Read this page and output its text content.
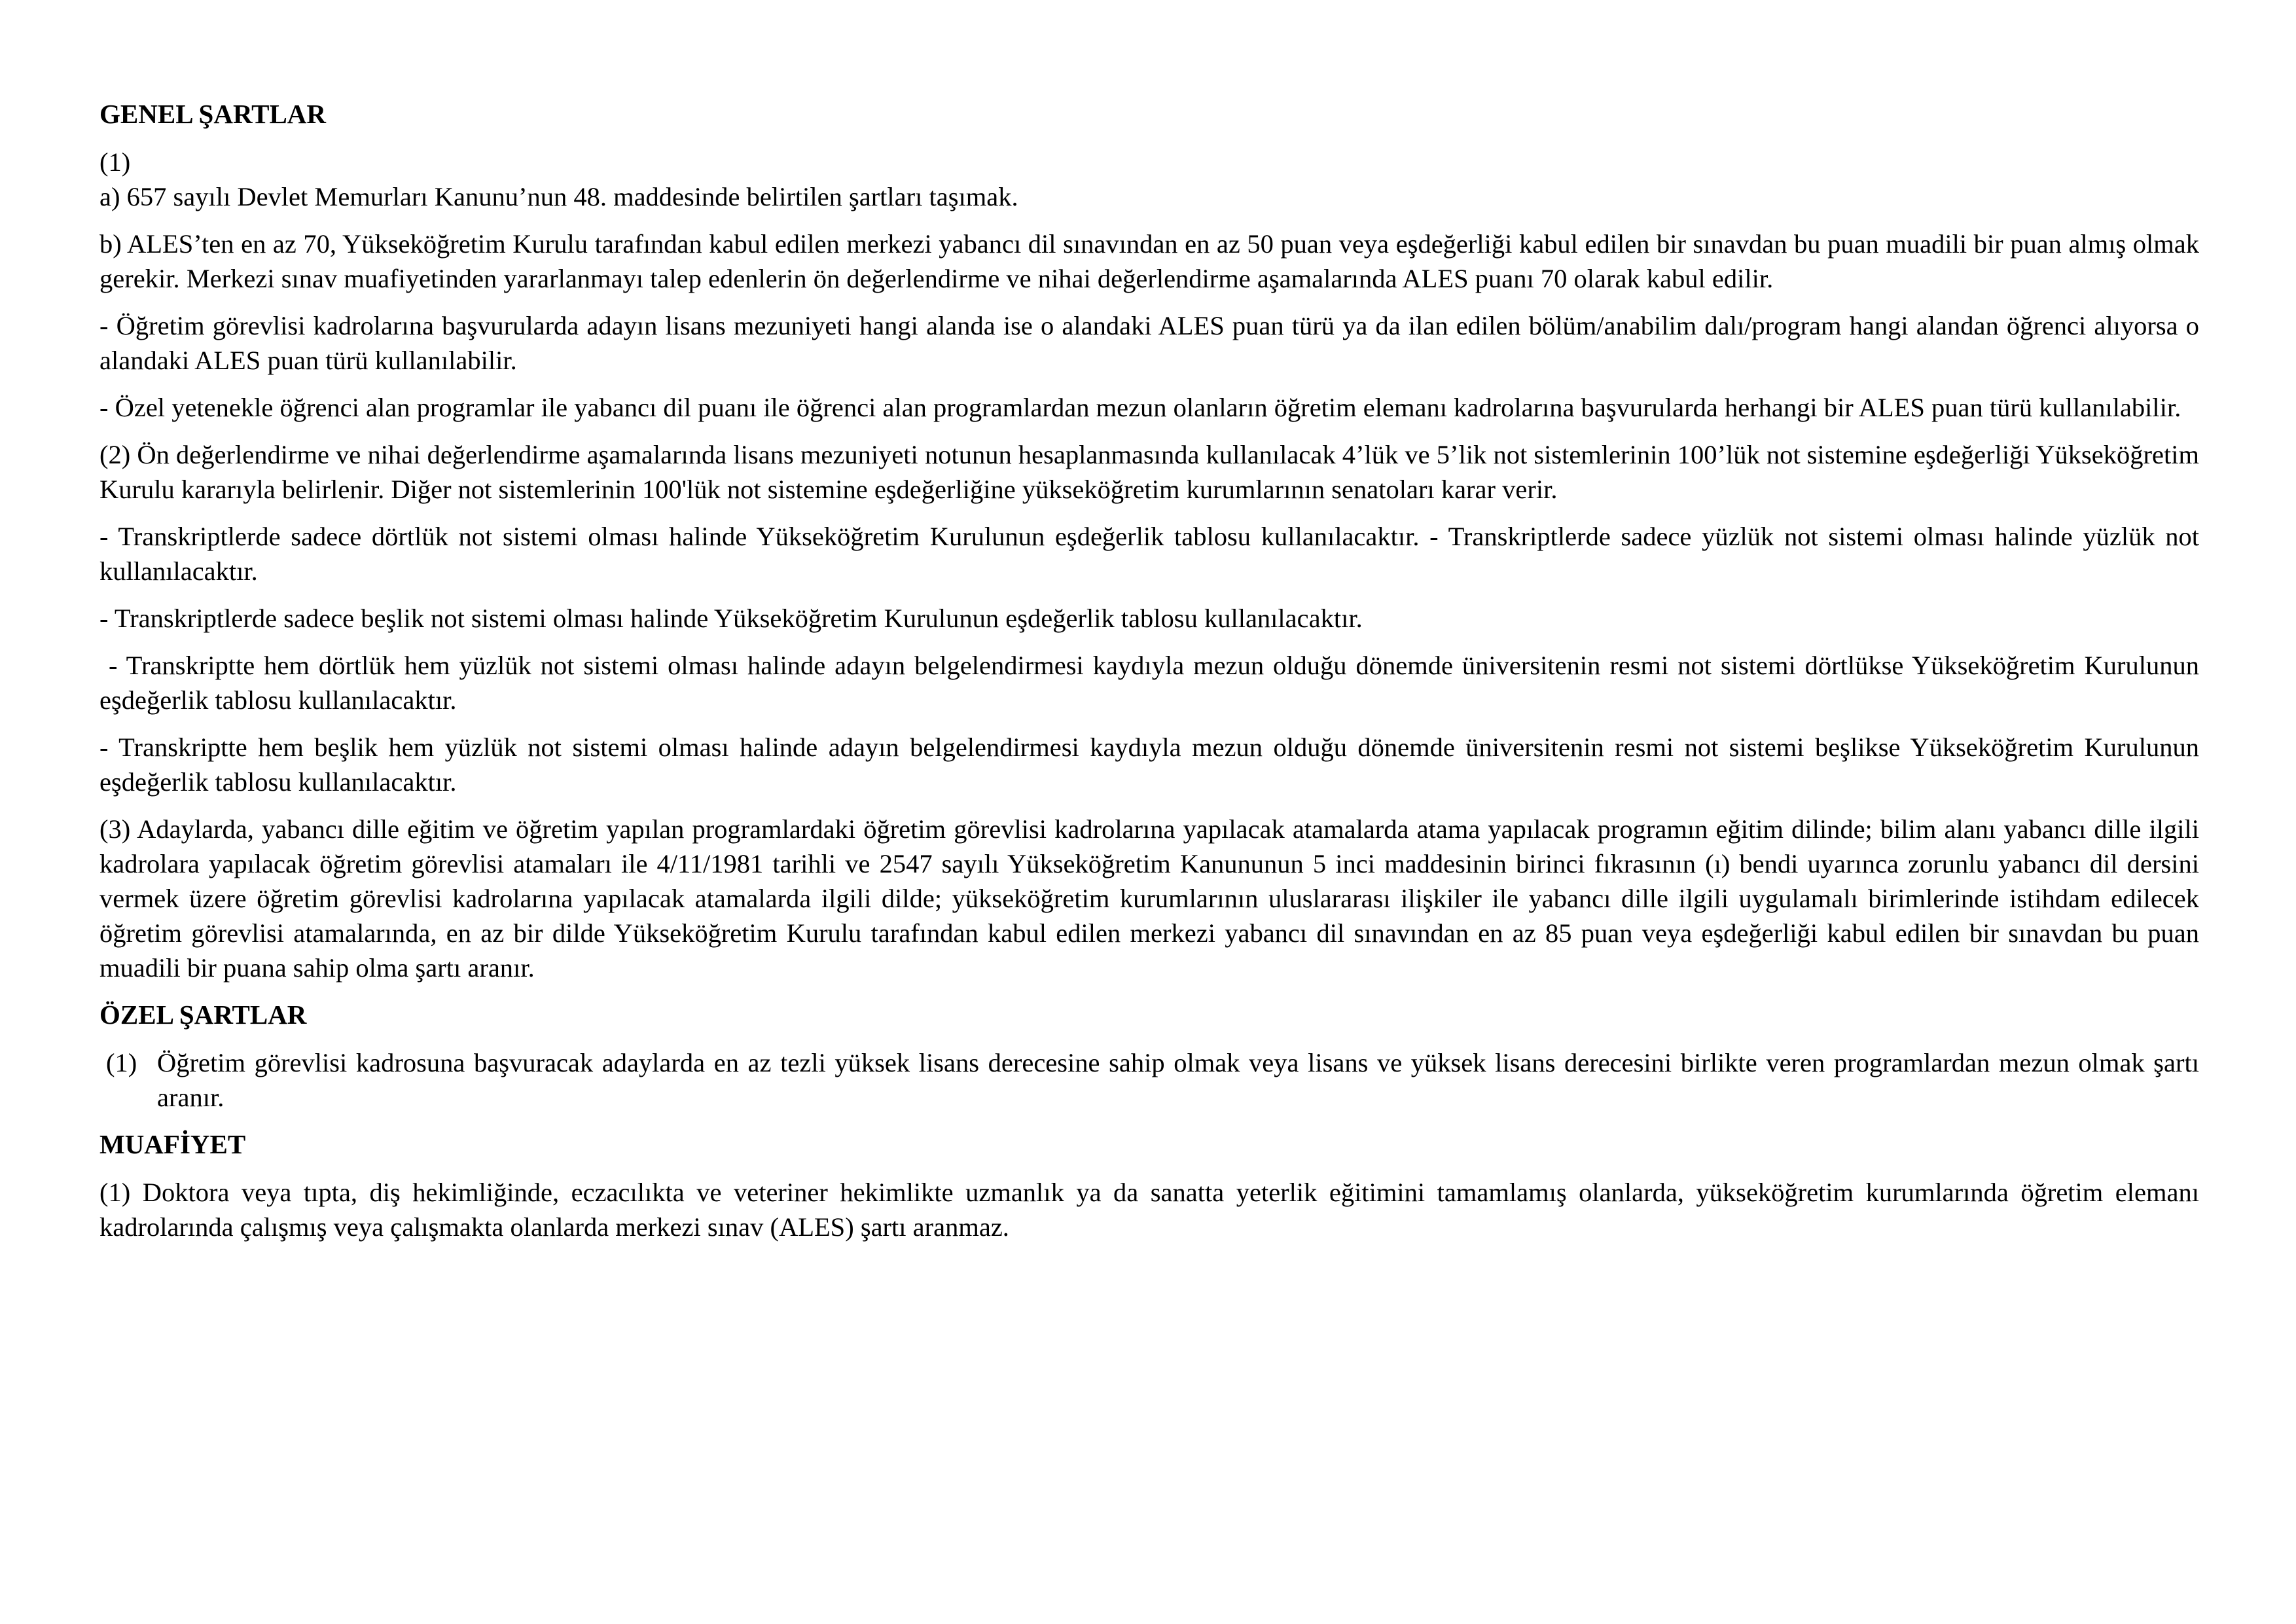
GENEL ŞARTLAR
(1)
a) 657 sayılı Devlet Memurları Kanunu’nun 48. maddesinde belirtilen şartları taşımak.
b) ALES’ten en az 70, Yükseköğretim Kurulu tarafından kabul edilen merkezi yabancı dil sınavından en az 50 puan veya eşdeğerliği kabul edilen bir sınavdan bu puan muadili bir puan almış olmak gerekir. Merkezi sınav muafiyetinden yararlanmayı talep edenlerin ön değerlendirme ve nihai değerlendirme aşamalarında ALES puanı 70 olarak kabul edilir.
- Öğretim görevlisi kadrolarına başvurularda adayın lisans mezuniyeti hangi alanda ise o alandaki ALES puan türü ya da ilan edilen bölüm/anabilim dalı/program hangi alandan öğrenci alıyorsa o alandaki ALES puan türü kullanılabilir.
- Özel yetenekle öğrenci alan programlar ile yabancı dil puanı ile öğrenci alan programlardan mezun olanların öğretim elemanı kadrolarına başvurularda herhangi bir ALES puan türü kullanılabilir.
(2) Ön değerlendirme ve nihai değerlendirme aşamalarında lisans mezuniyeti notunun hesaplanmasında kullanılacak 4’lük ve 5’lik not sistemlerinin 100’lük not sistemine eşdeğerliği Yükseköğretim Kurulu kararıyla belirlenir. Diğer not sistemlerinin 100'lük not sistemine eşdeğerliğine yükseköğretim kurumlarının senatoları karar verir.
- Transkriptlerde sadece dörtlük not sistemi olması halinde Yükseköğretim Kurulunun eşdeğerlik tablosu kullanılacaktır. - Transkriptlerde sadece yüzlük not sistemi olması halinde yüzlük not kullanılacaktır.
- Transkriptlerde sadece beşlik not sistemi olması halinde Yükseköğretim Kurulunun eşdeğerlik tablosu kullanılacaktır.
- Transkriptte hem dörtlük hem yüzlük not sistemi olması halinde adayın belgelendirmesi kaydıyla mezun olduğu dönemde üniversitenin resmi not sistemi dörtlükse Yükseköğretim Kurulunun eşdeğerlik tablosu kullanılacaktır.
- Transkriptte hem beşlik hem yüzlük not sistemi olması halinde adayın belgelendirmesi kaydıyla mezun olduğu dönemde üniversitenin resmi not sistemi beşlikse Yükseköğretim Kurulunun eşdeğerlik tablosu kullanılacaktır.
(3) Adaylarda, yabancı dille eğitim ve öğretim yapılan programlardaki öğretim görevlisi kadrolarına yapılacak atamalarda atama yapılacak programın eğitim dilinde; bilim alanı yabancı dille ilgili kadrolara yapılacak öğretim görevlisi atamaları ile 4/11/1981 tarihli ve 2547 sayılı Yükseköğretim Kanununun 5 inci maddesinin birinci fıkrasının (ı) bendi uyarınca zorunlu yabancı dil dersini vermek üzere öğretim görevlisi kadrolarına yapılacak atamalarda ilgili dilde; yükseköğretim kurumlarının uluslararası ilişkiler ile yabancı dille ilgili uygulamalı birimlerinde istihdam edilecek öğretim görevlisi atamalarında, en az bir dilde Yükseköğretim Kurulu tarafından kabul edilen merkezi yabancı dil sınavından en az 85 puan veya eşdeğerliği kabul edilen bir sınavdan bu puan muadili bir puana sahip olma şartı aranır.
ÖZEL ŞARTLAR
(1) Öğretim görevlisi kadrosuna başvuracak adaylarda en az tezli yüksek lisans derecesine sahip olmak veya lisans ve yüksek lisans derecesini birlikte veren programlardan mezun olmak şartı aranır.
MUAFİYET
(1) Doktora veya tıpta, diş hekimliğinde, eczacılıkta ve veteriner hekimlikte uzmanlık ya da sanatta yeterlik eğitimini tamamlamış olanlarda, yükseköğretim kurumlarında öğretim elemanı kadrolarında çalışmış veya çalışmakta olanlarda merkezi sınav (ALES) şartı aranmaz.
